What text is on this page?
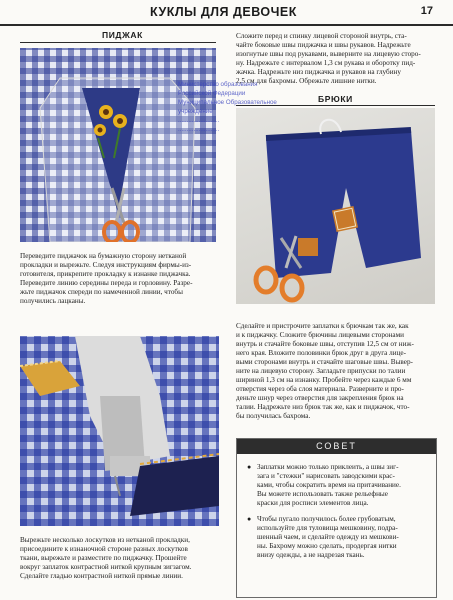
КУКЛЫ ДЛЯ ДЕВОЧЕК	17
ПИДЖАК	Сложите перед и спинку лицевой стороной внутрь, ста-
чайте боковые швы пиджачка и швы рукавов. Надрежьте
изогнутые швы под рукавами, выверните на лицевую сторо-
ну. Надрежьте с интервалом 1,3 см рукава и оборотку пид-
жачка. Надрежьте низ пиджачка и рукавов на глубину
2,5 см для бахромы. Обрежьте лишние нитки.
БРЮКИ
Министерство образования
Российской Федерации
Муниципальное Образовательное
учреждение
........................
........................
Переведите пиджачок на бумажную сторону нетканой
прокладки и вырежьте. Следуя инструкциям фирмы-из-
готовителя, прикрепите прокладку к изнанке пиджачка.
Переведите линию середины переда и горловину. Разре-
жьте пиджачок спереди по намеченной линии, чтобы
получились лацканы.
Сделайте и пристрочите заплатки к брючкам так же, как
и к пиджачку. Сложите брючины лицевыми сторонами
внутрь и стачайте боковые швы, отступив 12,5 см от ниж-
него края. Вложите половинки брюк друг в друга лице-
выми сторонами внутрь и стачайте шаговые швы. Вывер-
ните на лицевую сторону. Загладьте припуски по талии
шириной 1,3 см на изнанку. Пробейте через каждые 6 мм
отверстия через оба слоя материала. Разверните и про-
деньте шнур через отверстия для закрепления брюк на
талии. Надрежьте низ брюк так же, как и пиджачок, что-
бы получилась бахрома.
Вырежьте несколько лоскутков из нетканой прокладки,
присоедините к изнаночной стороне разных лоскутков
ткани, вырежьте и разместите по пиджачку. Прошейте
вокруг заплаток контрастной ниткой крупным зигзагом.
Сделайте гладью контрастной ниткой прямые линии.
СОВЕТ
● Заплатки можно только приклеить, а швы зиг-
зага и "стежки" нарисовать заводскими крас-
ками, чтобы сократить время на притачивание.
Вы можете использовать также рельефные
краски для росписи элементов лица.
● Чтобы пугало получилось более грубоватым,
используйте для туловища мешковину, подра-
шенный чаем, и сделайте одежду из мешкови-
ны. Бахрому можно сделать, продергая нитки
внизу одежды, а не надрезая ткань.
